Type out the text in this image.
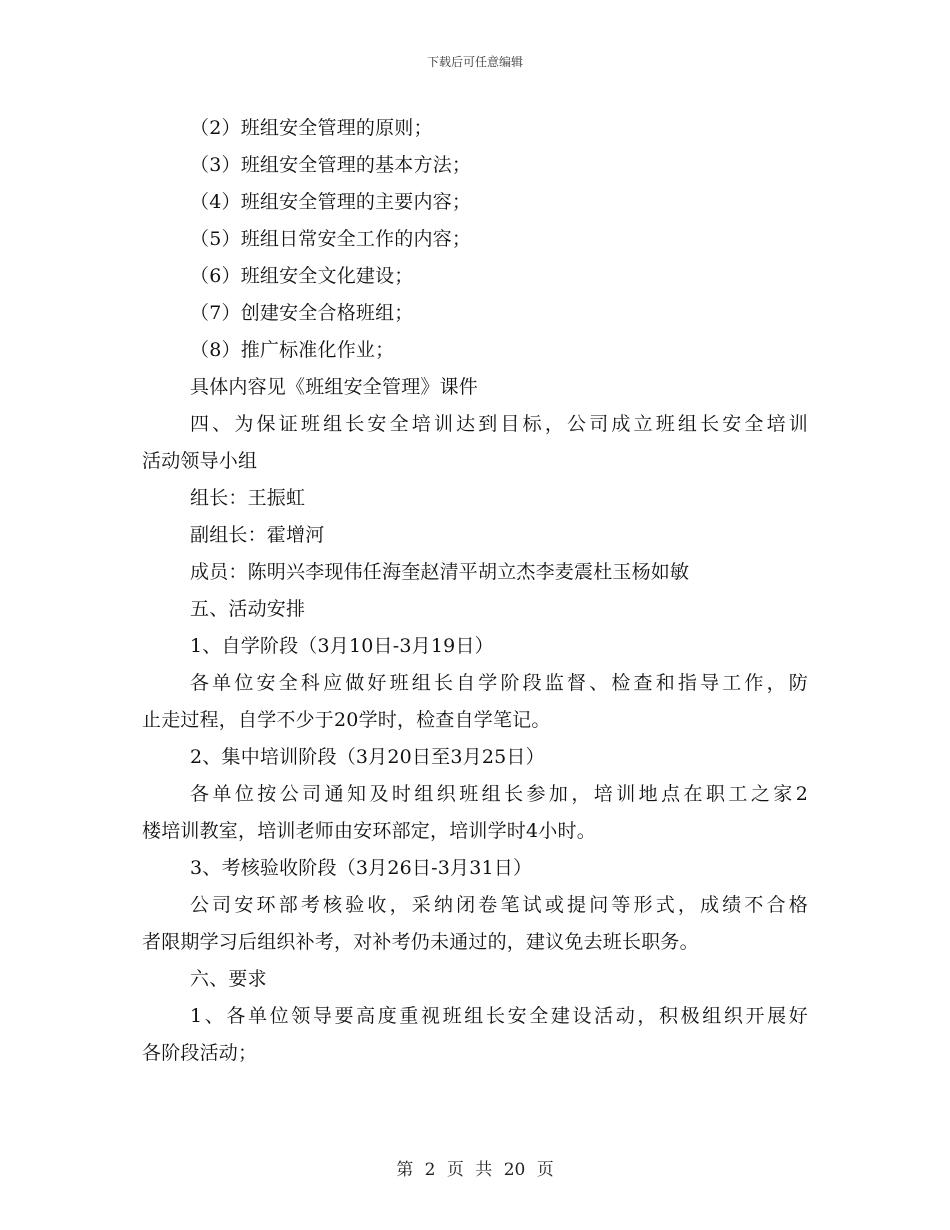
下载后可任意编辑
（2）班组安全管理的原则；
（3）班组安全管理的基本方法；
（4）班组安全管理的主要内容；
（5）班组日常安全工作的内容；
（6）班组安全文化建设；
（7）创建安全合格班组；
（8）推广标准化作业；
具体内容见《班组安全管理》课件
四、为保证班组长安全培训达到目标，公司成立班组长安全培训
活动领导小组
组长：王振虹
副组长：霍增河
成员：陈明兴李现伟任海奎赵清平胡立杰李麦震杜玉杨如敏
五、活动安排
1、自学阶段（3月10日-3月19日）
各单位安全科应做好班组长自学阶段监督、检查和指导工作，防
止走过程，自学不少于20学时，检查自学笔记。
2、集中培训阶段（3月20日至3月25日）
各单位按公司通知及时组织班组长参加，培训地点在职工之家2
楼培训教室，培训老师由安环部定，培训学时4小时。
3、考核验收阶段（3月26日-3月31日）
公司安环部考核验收，采纳闭卷笔试或提问等形式，成绩不合格
者限期学习后组织补考，对补考仍未通过的，建议免去班长职务。
六、要求
1、各单位领导要高度重视班组长安全建设活动，积极组织开展好
各阶段活动；
第 2 页 共 20 页
